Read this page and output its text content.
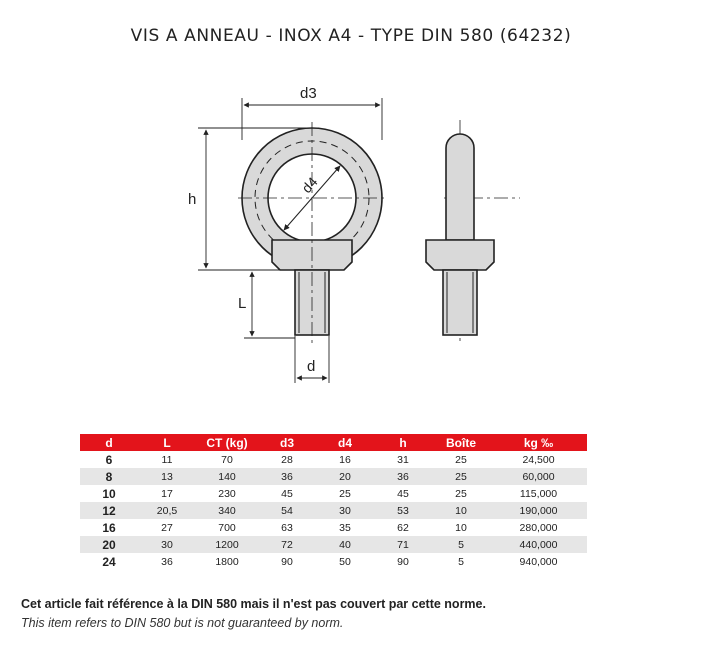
VIS A ANNEAU - INOX A4 - TYPE DIN 580 (64232)
d4
d3
h
L
d
d	L	CT (kg)	d3	d4	h	Boîte	kg ‰
6	11	70	28	16	31	25	24,500
8	13	140	36	20	36	25	60,000
10	17	230	45	25	45	25	115,000
12	20,5	340	54	30	53	10	190,000
16	27	700	63	35	62	10	280,000
20	30	1200	72	40	71	5	440,000
24	36	1800	90	50	90	5	940,000
Cet article fait référence à la DIN 580 mais il n'est pas couvert par cette norme.
This item refers to DIN 580 but is not guaranteed by norm.
